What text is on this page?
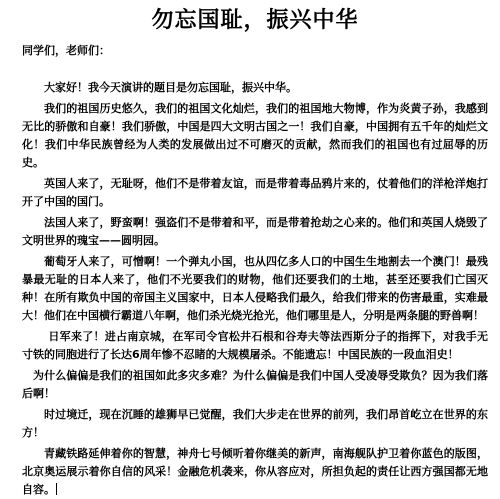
勿忘国耻，振兴中华
同学们，老师们：

大家好！我今天演讲的题目是勿忘国耻，振兴中华。

我们的祖国历史悠久，我们的祖国文化灿烂，我们的祖国地大物博，作为炎黄子孙，我感到无比的骄傲和自豪！我们骄傲，中国是四大文明古国之一！我们自豪，中国拥有五千年的灿烂文化！我们中华民族曾经为人类的发展做出过不可磨灭的贡献，然而我们的祖国也有过屈辱的历史。

英国人来了，无耻呀，他们不是带着友谊，而是带着毒品鸦片来的，仗着他们的洋枪洋炮打开了中国的国门。

法国人来了，野蛮啊！强盗们不是带着和平，而是带着抢劫之心来的。他们和英国人烧毁了文明世界的瑰宝——圆明园。

葡萄牙人来了，可憎啊！一个弹丸小国，也从四亿多人口的中国生生地割去一个澳门！最残暴最无耻的日本人来了，他们不光要我们的财物，他们还要我们的土地，甚至还要我们亡国灭种！在所有欺负中国的帝国主义国家中，日本人侵略我们最久，给我们带来的伤害最重，实难最大！他们在中国横行霸道八年啊，他们杀光烧光抢光，他们哪里是人，分明是两条腿的野兽啊！

日军来了！进占南京城，在军司令官松井石根和谷寿夫等法西斯分子的指挥下，对我手无寸铁的同胞进行了长达6周年惨不忍睹的大规模屠杀。不能遗忘！中国民族的一段血泪史！

为什么偏偏是我们的祖国如此多灾多难？为什么偏偏是我们中国人受凌辱受欺负？因为我们落后啊！

时过境迁，现在沉睡的雄狮早已觉醒，我们大步走在世界的前列，我们昂首屹立在世界的东方！

青藏铁路延伸着你的智慧，神舟七号倾听着你继美的新声，南海舰队护卫着你蓝色的版图，北京奥运展示着你自信的风采！金融危机袭来，你从容应对，所担负起的责任让西方强国都无地自容。
